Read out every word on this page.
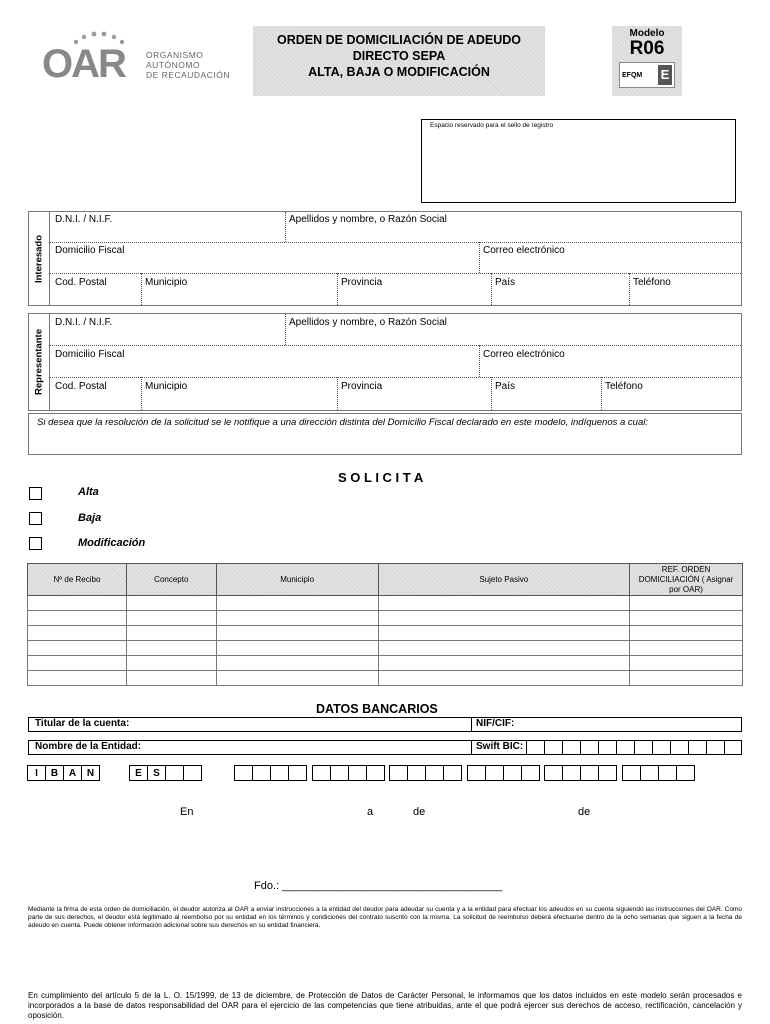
OAR ORGANISMO
AUTÓNOMO
DE RECAUDACIÓN
ORDEN DE DOMICILIACIÓN DE ADEUDO
DIRECTO SEPA
ALTA, BAJA O MODIFICACIÓN
Modelo
R06
EFQM E
Espacio reservado para el sello de registro
Interesado
D.N.I. / N.I.F.	Apellidos y nombre, o Razón Social
Domicilio Fiscal	Correo electrónico
Cod. Postal	Municipio	Provincia	País	Teléfono
Representante
D.N.I. / N.I.F.	Apellidos y nombre, o Razón Social
Domicilio Fiscal	Correo electrónico
Cod. Postal	Municipio	Provincia	País	Teléfono
Si desea que la resolución de la solicitud se le notifique a una dirección distinta del Domicilio Fiscal declarado en este modelo, indíquenos a cual:
S O L I C I T A
Alta
Baja
Modificación
Nº de Recibo	Concepto	Municipio	Sujeto Pasivo	REF. ORDEN DOMICILIACIÓN ( Asignar por OAR)

DATOS BANCARIOS
Titular de la cuenta:	NIF/CIF:
Nombre de la Entidad:	Swift BIC:
I	B	A	N	E	S
En	a	de	de
Fdo.: ____________________________________
Mediante la firma de esta orden de domiciliación, el deudor autoriza al OAR a enviar instrucciones a la entidad del deudor para adeudar su cuenta y a la entidad para efectuar los adeudos en su cuenta siguiendo las instrucciones del OAR. Como parte de sus derechos, el deudor está legitimado al reembolso por su entidad en los términos y condiciones del contrato suscrito con la misma. La solicitud de reembolso deberá efectuarse dentro de la ocho semanas que siguen a la fecha de adeudo en cuenta. Puede obtener información adicional sobre sus derechos en su entidad financiera.
En cumplimiento del artículo 5 de la L. O. 15/1999, de 13 de diciembre, de Protección de Datos de Carácter Personal, le informamos que los datos incluidos en este modelo serán procesados e incorporados a la base de datos responsabilidad del OAR para el ejercicio de las competencias que tiene atribuidas, ante el que podrá ejercer sus derechos de acceso, rectificación, cancelación y oposición.
